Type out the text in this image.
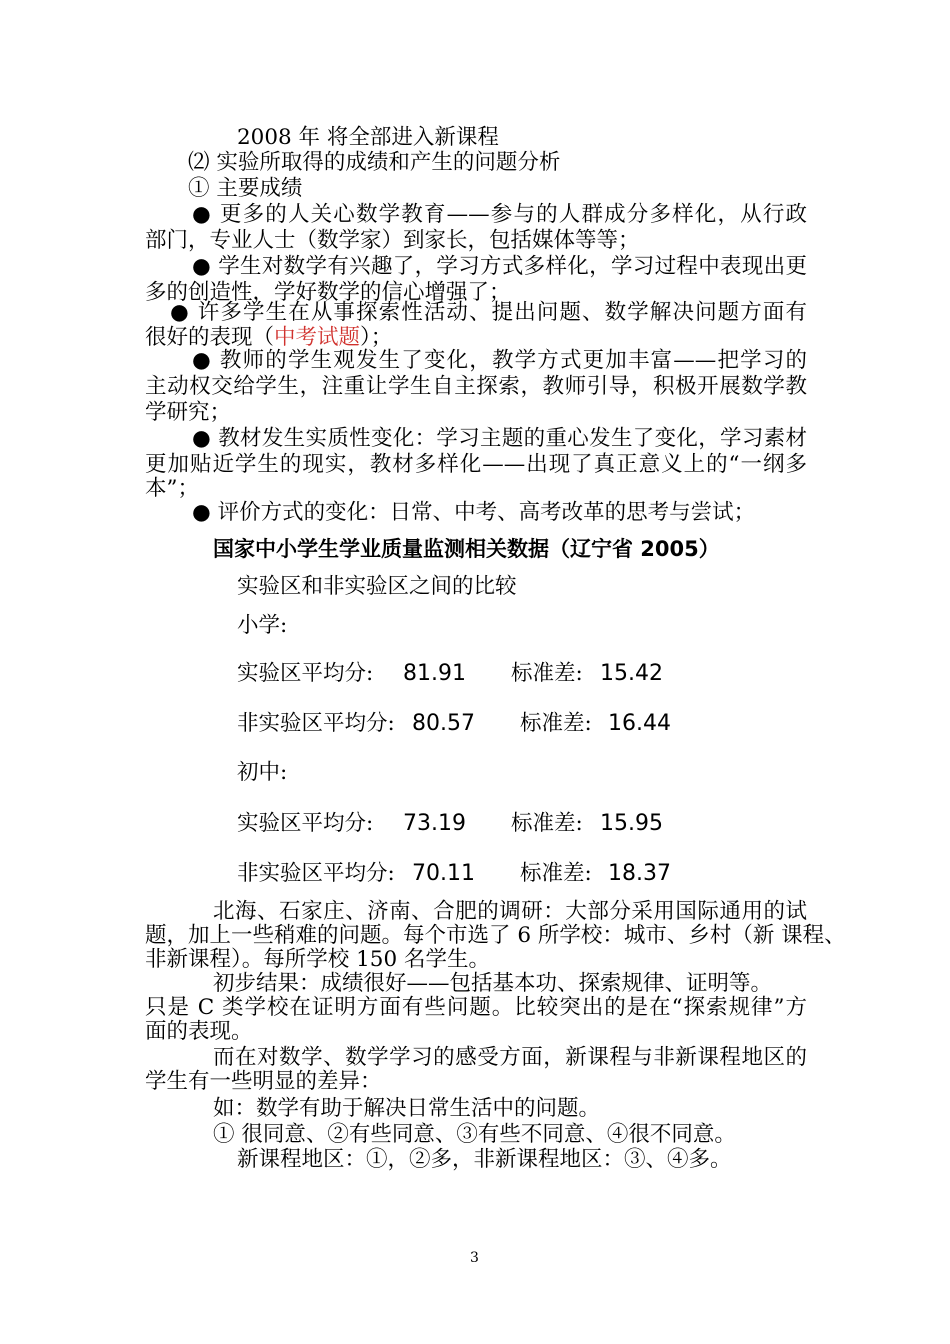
2008 年 将全部进入新课程
⑵ 实验所取得的成绩和产生的问题分析
① 主要成绩
● 更多的人关心数学教育——参与的人群成分多样化，从行政
部门，专业人士（数学家）到家长，包括媒体等等；
● 学生对数学有兴趣了，学习方式多样化，学习过程中表现出更
多的创造性，学好数学的信心增强了；
● 许多学生在从事探索性活动、提出问题、数学解决问题方面有
很好的表现（中考试题）；
● 教师的学生观发生了变化，教学方式更加丰富——把学习的
主动权交给学生，注重让学生自主探索，教师引导，积极开展数学教
学研究；
● 教材发生实质性变化：学习主题的重心发生了变化，学习素材
更加贴近学生的现实，教材多样化——出现了真正意义上的“一纲多
本”；
● 评价方式的变化：日常、中考、高考改革的思考与尝试；
国家中小学生学业质量监测相关数据（辽宁省 2005）
实验区和非实验区之间的比较
小学:
实验区平均分: 81.91 标准差: 15.42
非实验区平均分: 80.57 标准差: 16.44
初中:
实验区平均分: 73.19 标准差: 15.95
非实验区平均分: 70.11 标准差: 18.37
北海、石家庄、济南、合肥的调研：大部分采用国际通用的试
题，加上一些稍难的问题。每个市选了 6 所学校：城市、乡村（新 课程、
非新课程）。每所学校 150 名学生。
初步结果：成绩很好——包括基本功、探索规律、证明等。
只是 C 类学校在证明方面有些问题。比较突出的是在“探索规律”方
面的表现。
而在对数学、数学学习的感受方面，新课程与非新课程地区的
学生有一些明显的差异：
如：数学有助于解决日常生活中的问题。
① 很同意、②有些同意、③有些不同意、④很不同意。
新课程地区：①，②多，非新课程地区：③、④多。
3
